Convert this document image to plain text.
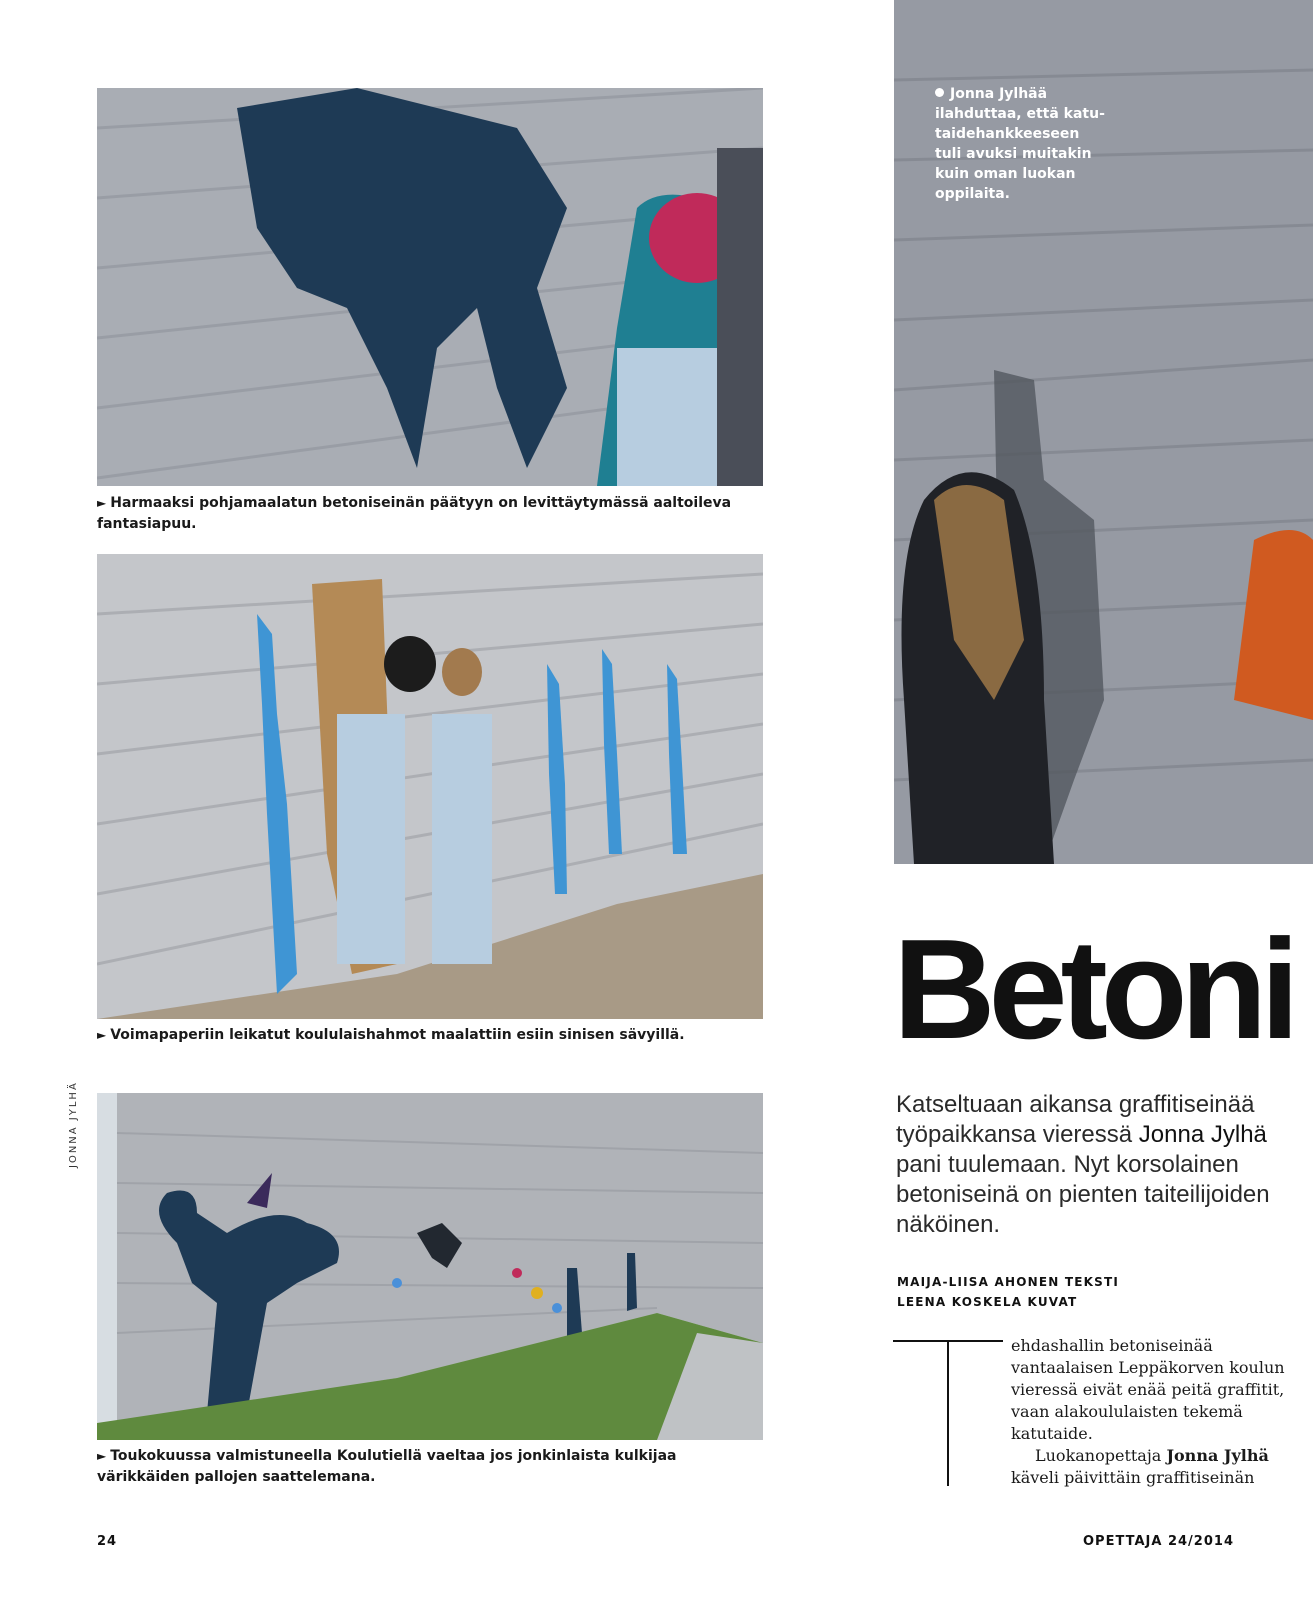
► Harmaaksi pohjamaalatun betoniseinän päätyyn on levittäytymässä aaltoileva fantasiapuu.
► Voimapaperiin leikatut koululaishahmot maalattiin esiin sinisen sävyillä.
► Toukokuussa valmistuneella Koulutiellä vaeltaa jos jonkinlaista kulkijaa värikkäiden pallojen saattelemana.
JONNA JYLHÄ
Jonna Jylhää ilahduttaa, että katu-taidehankkeeseen tuli avuksi muitakin kuin oman luokan oppilaita.
Betoni
Katseltuaan aikansa graffitiseinää työpaikkansa vieressä Jonna Jylhä pani tuulemaan. Nyt korsolainen betoniseinä on pienten taiteilijoiden näköinen.
MAIJA-LIISA AHONEN TEKSTI
LEENA KOSKELA KUVAT

ehdashallin betoniseinää vantaalaisen Leppäkorven koulun vieressä eivät enää peitä graffitit, vaan alakoululaisten tekemä katutaide.

Luokanopettaja Jonna Jylhä käveli päivittäin graffitiseinän

24	OPETTAJA 24/2014
